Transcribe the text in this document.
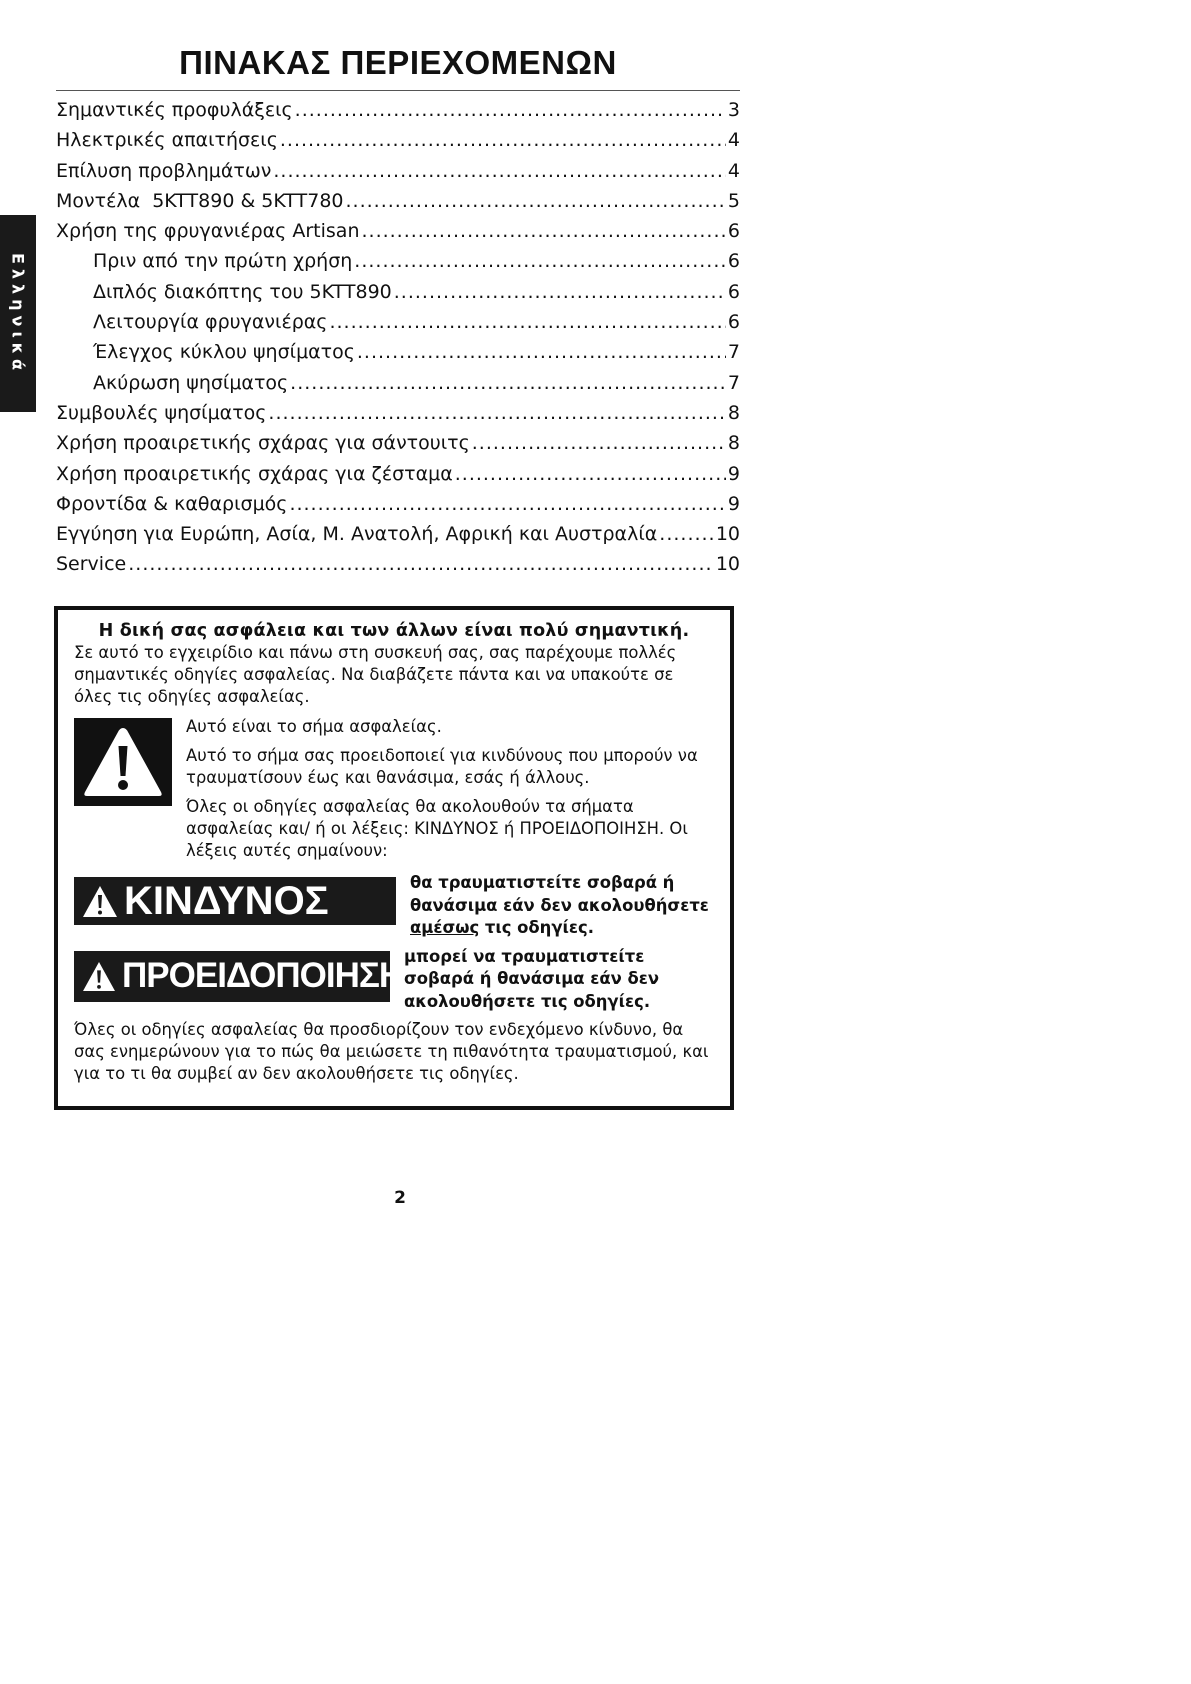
Ελληνικά
ΠΙΝΑΚΑΣ ΠΕΡΙΕΧΟΜΕΝΩΝ
Σημαντικές προφυλάξεις .....	3
Ηλεκτρικές απαιτήσεις .....	4
Επίλυση προβλημάτων .....	4
Μοντέλα  5KTT890 & 5KTT780 .....	5
Χρήση της φρυγανιέρας Artisan .....	6
Πριν από την πρώτη χρήση .....	6
Διπλός διακόπτης του 5KTT890 .....	6
Λειτουργία φρυγανιέρας .....	6
Έλεγχος κύκλου ψησίματος .....	7
Ακύρωση ψησίματος .....	7
Συμβουλές ψησίματος .....	8
Χρήση προαιρετικής σχάρας για σάντουιτς .....	8
Χρήση προαιρετικής σχάρας για ζέσταμα .....	9
Φροντίδα & καθαρισμός .....	9
Εγγύηση για Ευρώπη, Ασία, Μ. Ανατολή, Αφρική και Αυστραλία .....	10
Service .....	10

Η δική σας ασφάλεια και των άλλων είναι πολύ σημαντική.

Σε αυτό το εγχειρίδιο και πάνω στη συσκευή σας, σας παρέχουμε πολλές σημαντικές οδηγίες ασφαλείας. Να διαβάζετε πάντα και να υπακούτε σε όλες τις οδηγίες ασφαλείας.

Αυτό είναι το σήμα ασφαλείας.

Αυτό το σήμα σας προειδοποιεί για κινδύνους που μπορούν να τραυματίσουν έως και θανάσιμα, εσάς ή άλλους.

Όλες οι οδηγίες ασφαλείας θα ακολουθούν τα σήματα ασφαλείας και/ ή οι λέξεις: ΚΙΝΔΥΝΟΣ ή ΠΡΟΕΙΔΟΠΟΙΗΣΗ. Οι λέξεις αυτές σημαίνουν:

ΚΙΝΔΥΝΟΣ	θα τραυματιστείτε σοβαρά ή θανάσιμα εάν δεν ακολουθήσετε αμέσως τις οδηγίες.
ΠΡΟΕΙΔΟΠΟΙΗΣΗ μπορεί να τραυματιστείτε σοβαρά ή θανάσιμα εάν δεν ακολουθήσετε τις οδηγίες.

Όλες οι οδηγίες ασφαλείας θα προσδιορίζουν τον ενδεχόμενο κίνδυνο, θα σας ενημερώνουν για το πώς θα μειώσετε τη πιθανότητα τραυματισμού, και για το τι θα συμβεί αν δεν ακολουθήσετε τις οδηγίες.

2
